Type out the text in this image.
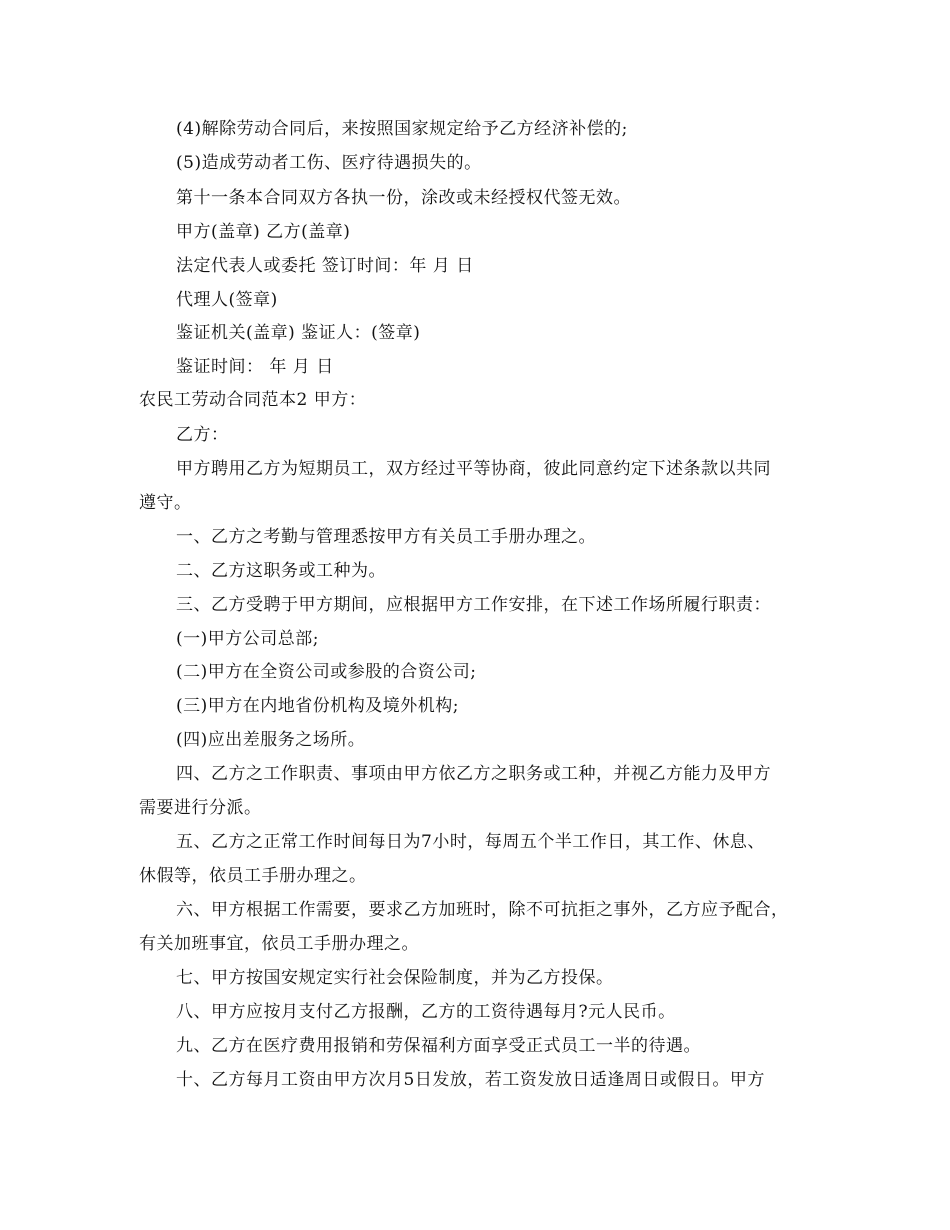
(4)解除劳动合同后，来按照国家规定给予乙方经济补偿的;
(5)造成劳动者工伤、医疗待遇损失的。
第十一条本合同双方各执一份，涂改或未经授权代签无效。
甲方(盖章) 乙方(盖章)
法定代表人或委托 签订时间：年 月 日
代理人(签章)
鉴证机关(盖章) 鉴证人：(签章)
鉴证时间： 年 月 日
农民工劳动合同范本2 甲方：
乙方：
甲方聘用乙方为短期员工，双方经过平等协商，彼此同意约定下述条款以共同
遵守。
一、乙方之考勤与管理悉按甲方有关员工手册办理之。
二、乙方这职务或工种为。
三、乙方受聘于甲方期间，应根据甲方工作安排，在下述工作场所履行职责：
(一)甲方公司总部;
(二)甲方在全资公司或参股的合资公司;
(三)甲方在内地省份机构及境外机构;
(四)应出差服务之场所。
四、乙方之工作职责、事项由甲方依乙方之职务或工种，并视乙方能力及甲方
需要进行分派。
五、乙方之正常工作时间每日为7小时，每周五个半工作日，其工作、休息、
休假等，依员工手册办理之。
六、甲方根据工作需要，要求乙方加班时，除不可抗拒之事外，乙方应予配合，
有关加班事宜，依员工手册办理之。
七、甲方按国安规定实行社会保险制度，并为乙方投保。
八、甲方应按月支付乙方报酬，乙方的工资待遇每月?元人民币。
九、乙方在医疗费用报销和劳保福利方面享受正式员工一半的待遇。
十、乙方每月工资由甲方次月5日发放，若工资发放日适逢周日或假日。甲方
